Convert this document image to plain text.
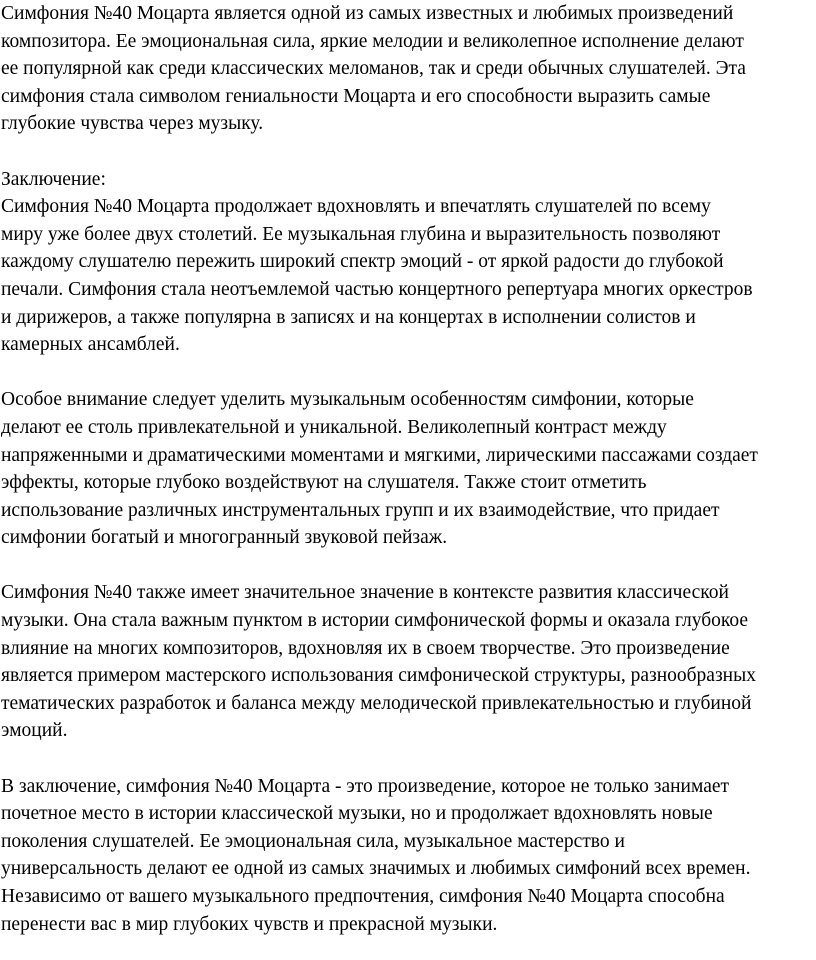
Симфония №40 Моцарта является одной из самых известных и любимых произведений
композитора. Ее эмоциональная сила, яркие мелодии и великолепное исполнение делают
ее популярной как среди классических меломанов, так и среди обычных слушателей. Эта
симфония стала символом гениальности Моцарта и его способности выразить самые
глубокие чувства через музыку.

Заключение:
Симфония №40 Моцарта продолжает вдохновлять и впечатлять слушателей по всему
миру уже более двух столетий. Ее музыкальная глубина и выразительность позволяют
каждому слушателю пережить широкий спектр эмоций - от яркой радости до глубокой
печали. Симфония стала неотъемлемой частью концертного репертуара многих оркестров
и дирижеров, а также популярна в записях и на концертах в исполнении солистов и
камерных ансамблей.

Особое внимание следует уделить музыкальным особенностям симфонии, которые
делают ее столь привлекательной и уникальной. Великолепный контраст между
напряженными и драматическими моментами и мягкими, лирическими пассажами создает
эффекты, которые глубоко воздействуют на слушателя. Также стоит отметить
использование различных инструментальных групп и их взаимодействие, что придает
симфонии богатый и многогранный звуковой пейзаж.

Симфония №40 также имеет значительное значение в контексте развития классической
музыки. Она стала важным пунктом в истории симфонической формы и оказала глубокое
влияние на многих композиторов, вдохновляя их в своем творчестве. Это произведение
является примером мастерского использования симфонической структуры, разнообразных
тематических разработок и баланса между мелодической привлекательностью и глубиной
эмоций.

В заключение, симфония №40 Моцарта - это произведение, которое не только занимает
почетное место в истории классической музыки, но и продолжает вдохновлять новые
поколения слушателей. Ее эмоциональная сила, музыкальное мастерство и
универсальность делают ее одной из самых значимых и любимых симфоний всех времен.
Независимо от вашего музыкального предпочтения, симфония №40 Моцарта способна
перенести вас в мир глубоких чувств и прекрасной музыки.
